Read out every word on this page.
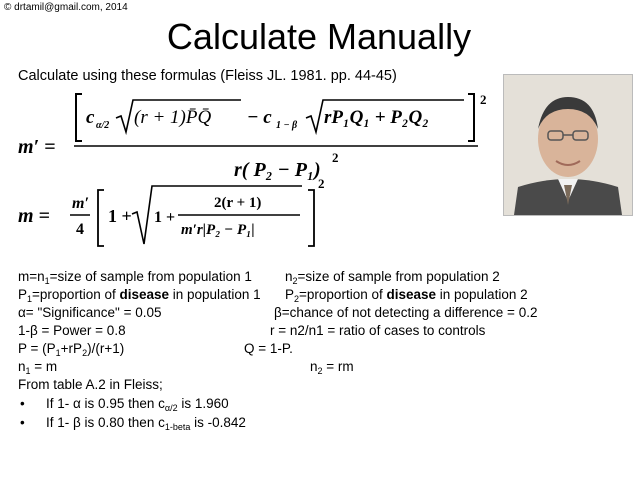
© drtamil@gmail.com, 2014
Calculate Manually
Calculate using these formulas (Fleiss JL. 1981. pp. 44-45)
m′ =
c α/2 (r + 1)P̄Q̄ − c 1 − β rP₁Q₁ + P₂Q₂
2
r( P₂ − P₁)
2
m =
m′
4
1 + 1 +
2(r + 1)
m′r|P₂ − P₁|
2
$m=n_1=size$ of sample from population 1 $n_2=size$ of sample from population 2
$P_1=proportion$ of disease in population 1 $P_2=proportion$ of disease in population 2
α= "Significance" = 0.05	β=chance of not detecting a difference = 0.2
1-β = Power = 0.8	r = n2/n1 = ratio of cases to controls
$P = (P_1+rP_2)/(r+1)$	Q = 1-P.
$n_1 = m$	$n_2$ = rm
From table A.2 in Fleiss;
• If 1- α is 0.95 then $c_{\alpha/2}$ is 1.960
• If 1- β is 0.80 then $c_{1-beta}$ is -0.842
